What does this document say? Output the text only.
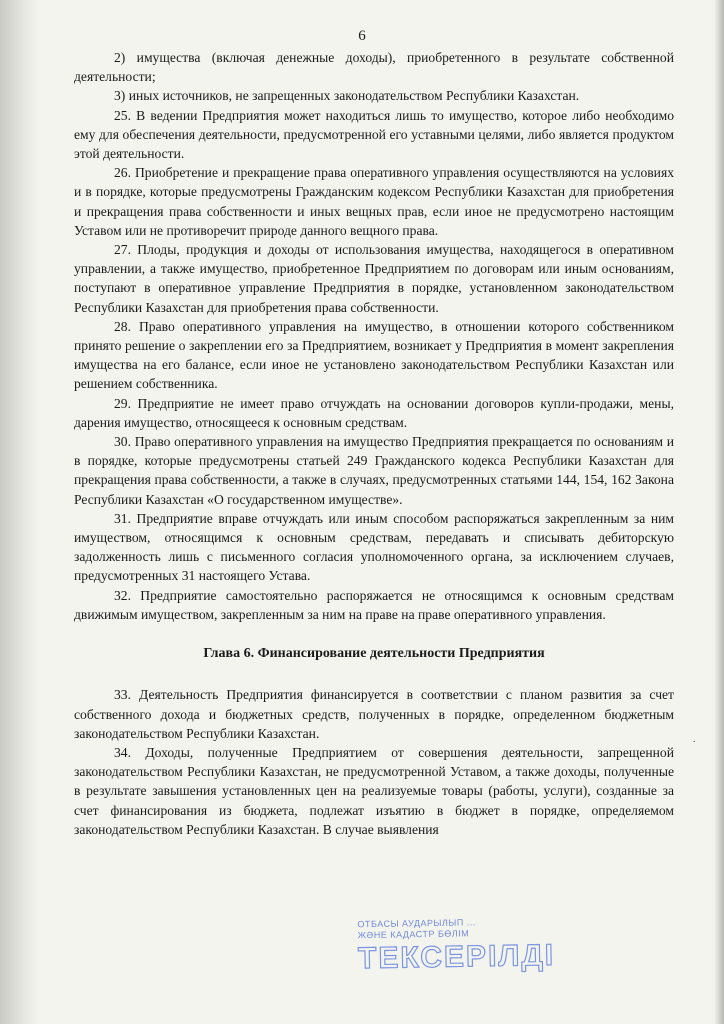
6

2) имущества (включая денежные доходы), приобретенного в результате собственной деятельности;

3) иных источников, не запрещенных законодательством Республики Казахстан.

25. В ведении Предприятия может находиться лишь то имущество, которое либо необходимо ему для обеспечения деятельности, предусмотренной его уставными целями, либо является продуктом этой деятельности.

26. Приобретение и прекращение права оперативного управления осуществляются на условиях и в порядке, которые предусмотрены Гражданским кодексом Республики Казахстан для приобретения и прекращения права собственности и иных вещных прав, если иное не предусмотрено настоящим Уставом или не противоречит природе данного вещного права.

27. Плоды, продукция и доходы от использования имущества, находящегося в оперативном управлении, а также имущество, приобретенное Предприятием по договорам или иным основаниям, поступают в оперативное управление Предприятия в порядке, установленном законодательством Республики Казахстан для приобретения права собственности.

28. Право оперативного управления на имущество, в отношении которого собственником принято решение о закреплении его за Предприятием, возникает у Предприятия в момент закрепления имущества на его балансе, если иное не установлено законодательством Республики Казахстан или решением собственника.

29. Предприятие не имеет право отчуждать на основании договоров купли-продажи, мены, дарения имущество, относящееся к основным средствам.

30. Право оперативного управления на имущество Предприятия прекращается по основаниям и в порядке, которые предусмотрены статьей 249 Гражданского кодекса Республики Казахстан для прекращения права собственности, а также в случаях, предусмотренных статьями 144, 154, 162 Закона Республики Казахстан «О государственном имуществе».

31. Предприятие вправе отчуждать или иным способом распоряжаться закрепленным за ним имуществом, относящимся к основным средствам, передавать и списывать дебиторскую задолженность лишь с письменного согласия уполномоченного органа, за исключением случаев, предусмотренных 31 настоящего Устава.

32. Предприятие самостоятельно распоряжается не относящимся к основным средствам движимым имуществом, закрепленным за ним на праве на праве оперативного управления.

Глава 6. Финансирование деятельности Предприятия

33. Деятельность Предприятия финансируется в соответствии с планом развития за счет собственного дохода и бюджетных средств, полученных в порядке, определенном бюджетным законодательством Республики Казахстан.

34. Доходы, полученные Предприятием от совершения деятельности, запрещенной законодательством Республики Казахстан, не предусмотренной Уставом, а также доходы, полученные в результате завышения установленных цен на реализуемые товары (работы, услуги), созданные за счет финансирования из бюджета, подлежат изъятию в бюджет в порядке, определяемом законодательством Республики Казахстан. В случае выявления

·
ОТБАСЫ АУДАРЫЛЫП ...
ЖӘНЕ КАДАСТР БӨЛІМ
ТЕКСЕРІЛДІ
